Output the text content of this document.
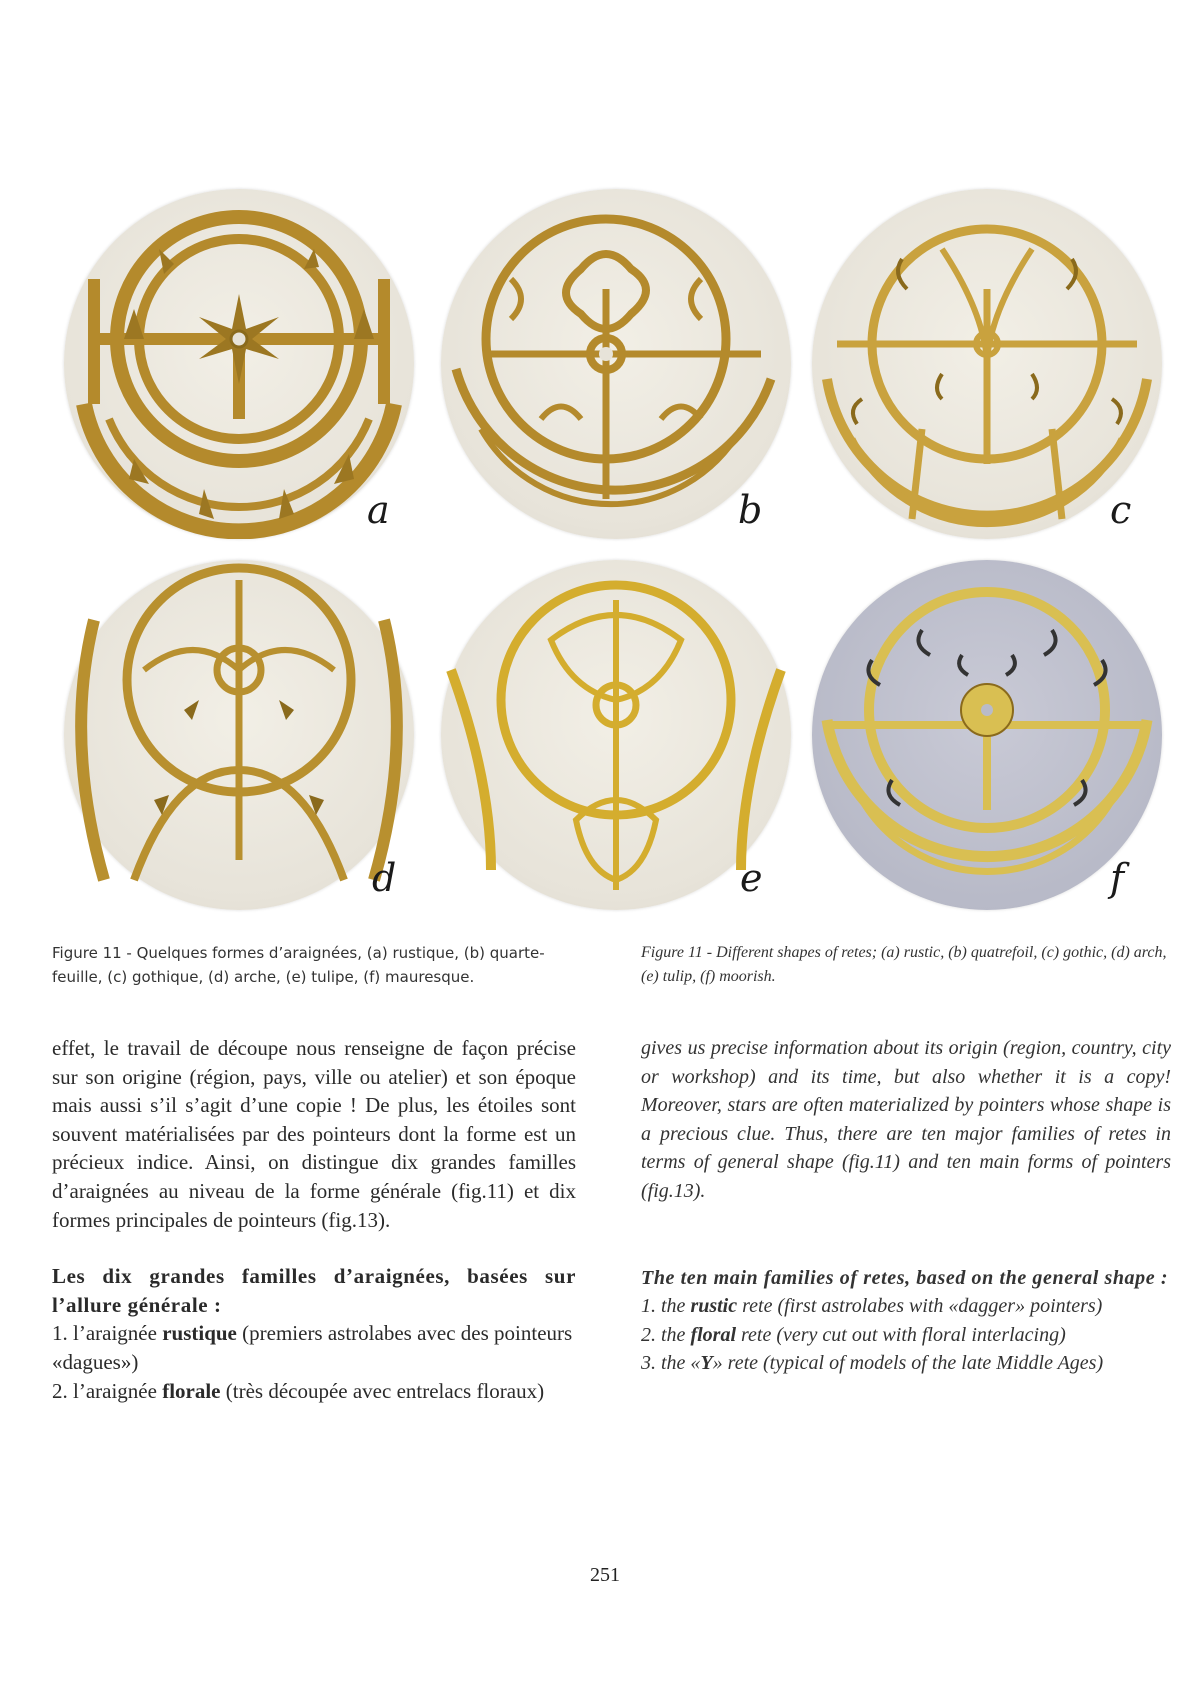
a	b	c
d	e	f
Figure 11 - Quelques formes d’araignées, (a) rustique, (b) quarte-feuille, (c) gothique, (d) arche, (e) tulipe, (f) mauresque.
Figure 11 - Different shapes of retes; (a) rustic, (b) quatrefoil, (c) gothic, (d) arch, (e) tulip, (f) moorish.

effet, le travail de découpe nous renseigne de façon précise sur son origine (région, pays, ville ou atelier) et son époque mais aussi s’il s’agit d’une copie ! De plus, les étoiles sont souvent matérialisées par des pointeurs dont la forme est un précieux indice. Ainsi, on distingue dix grandes familles d’araignées au niveau de la forme générale (fig.11) et dix formes principales de pointeurs (fig.13).

Les dix grandes familles d’araignées, basées sur l’allure générale :

1. l’araignée rustique (premiers astrolabes avec des pointeurs «dagues»)

2. l’araignée florale (très découpée avec entrelacs floraux)

gives us precise information about its origin (region, country, city or workshop) and its time, but also whether it is a copy! Moreover, stars are often materialized by pointers whose shape is a precious clue. Thus, there are ten major families of retes in terms of general shape (fig.11) and ten main forms of pointers (fig.13).

The ten main families of retes, based on the general shape :

1. the rustic rete (first astrolabes with «dagger» pointers)

2. the floral rete (very cut out with floral interlacing)

3. the «Y» rete (typical of models of the late Middle Ages)

251
